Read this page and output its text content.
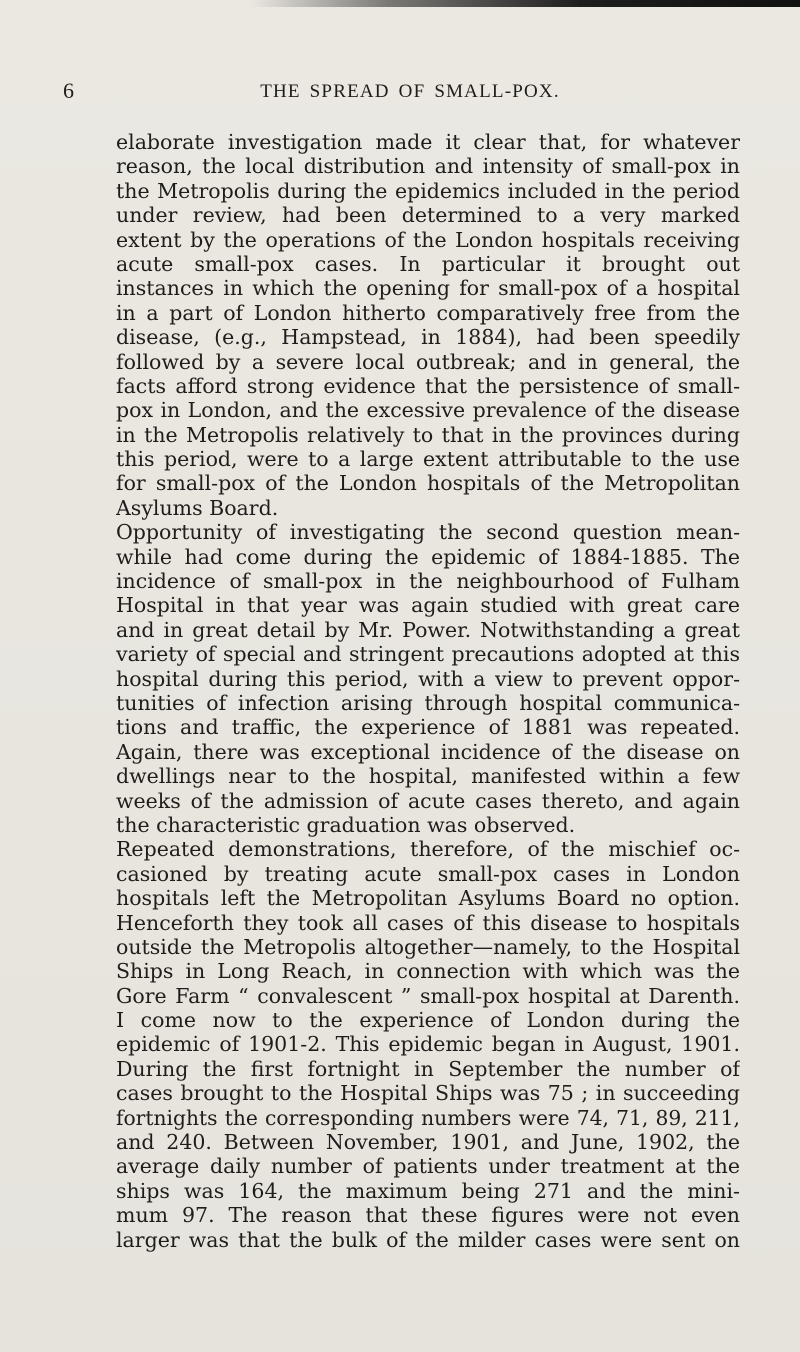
6	THE SPREAD OF SMALL-POX.
elaborate investigation made it clear that, for whatever
reason, the local distribution and intensity of small-pox in
the Metropolis during the epidemics included in the period
under review, had been determined to a very marked
extent by the operations of the London hospitals receiving
acute small-pox cases. In particular it brought out
instances in which the opening for small-pox of a hospital
in a part of London hitherto comparatively free from the
disease, (e.g., Hampstead, in 1884), had been speedily
followed by a severe local outbreak; and in general, the
facts afford strong evidence that the persistence of small-
pox in London, and the excessive prevalence of the disease
in the Metropolis relatively to that in the provinces during
this period, were to a large extent attributable to the use
for small-pox of the London hospitals of the Metropolitan
Asylums Board.
Opportunity of investigating the second question mean-
while had come during the epidemic of 1884-1885. The
incidence of small-pox in the neighbourhood of Fulham
Hospital in that year was again studied with great care
and in great detail by Mr. Power. Notwithstanding a great
variety of special and stringent precautions adopted at this
hospital during this period, with a view to prevent oppor-
tunities of infection arising through hospital communica-
tions and traffic, the experience of 1881 was repeated.
Again, there was exceptional incidence of the disease on
dwellings near to the hospital, manifested within a few
weeks of the admission of acute cases thereto, and again
the characteristic graduation was observed.
Repeated demonstrations, therefore, of the mischief oc-
casioned by treating acute small-pox cases in London
hospitals left the Metropolitan Asylums Board no option.
Henceforth they took all cases of this disease to hospitals
outside the Metropolis altogether—namely, to the Hospital
Ships in Long Reach, in connection with which was the
Gore Farm “ convalescent ” small-pox hospital at Darenth.
I come now to the experience of London during the
epidemic of 1901-2. This epidemic began in August, 1901.
During the first fortnight in September the number of
cases brought to the Hospital Ships was 75 ; in succeeding
fortnights the corresponding numbers were 74, 71, 89, 211,
and 240. Between November, 1901, and June, 1902, the
average daily number of patients under treatment at the
ships was 164, the maximum being 271 and the mini-
mum 97. The reason that these figures were not even
larger was that the bulk of the milder cases were sent on
